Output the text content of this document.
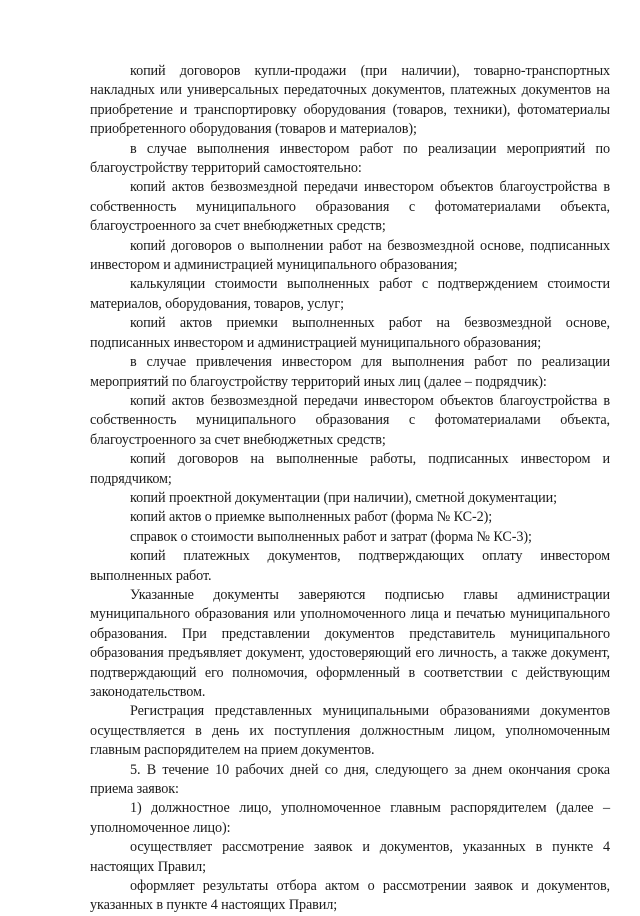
копий договоров купли-продажи (при наличии), товарно-транспортных накладных или универсальных передаточных документов, платежных документов на приобретение и транспортировку оборудования (товаров, техники), фотоматериалы приобретенного оборудования (товаров и материалов);

в случае выполнения инвестором работ по реализации мероприятий по благоустройству территорий самостоятельно:

копий актов безвозмездной передачи инвестором объектов благоустройства в собственность муниципального образования с фотоматериалами объекта, благоустроенного за счет внебюджетных средств;

копий договоров о выполнении работ на безвозмездной основе, подписанных инвестором и администрацией муниципального образования;

калькуляции стоимости выполненных работ с подтверждением стоимости материалов, оборудования, товаров, услуг;

копий актов приемки выполненных работ на безвозмездной основе, подписанных инвестором и администрацией муниципального образования;

в случае привлечения инвестором для выполнения работ по реализации мероприятий по благоустройству территорий иных лиц (далее – подрядчик):

копий актов безвозмездной передачи инвестором объектов благоустройства в собственность муниципального образования с фотоматериалами объекта, благоустроенного за счет внебюджетных средств;

копий договоров на выполненные работы, подписанных инвестором и подрядчиком;

копий проектной документации (при наличии), сметной документации;

копий актов о приемке выполненных работ (форма № КС-2);

справок о стоимости выполненных работ и затрат (форма № КС-3);

копий платежных документов, подтверждающих оплату инвестором выполненных работ.

Указанные документы заверяются подписью главы администрации муниципального образования или уполномоченного лица и печатью муниципального образования. При представлении документов представитель муниципального образования предъявляет документ, удостоверяющий его личность, а также документ, подтверждающий его полномочия, оформленный в соответствии с действующим законодательством.

Регистрация представленных муниципальными образованиями документов осуществляется в день их поступления должностным лицом, уполномоченным главным распорядителем на прием документов.

5. В течение 10 рабочих дней со дня, следующего за днем окончания срока приема заявок:

1) должностное лицо, уполномоченное главным распорядителем (далее – уполномоченное лицо):

осуществляет рассмотрение заявок и документов, указанных в пункте 4 настоящих Правил;

оформляет результаты отбора актом о рассмотрении заявок и документов, указанных в пункте 4 настоящих Правил;
